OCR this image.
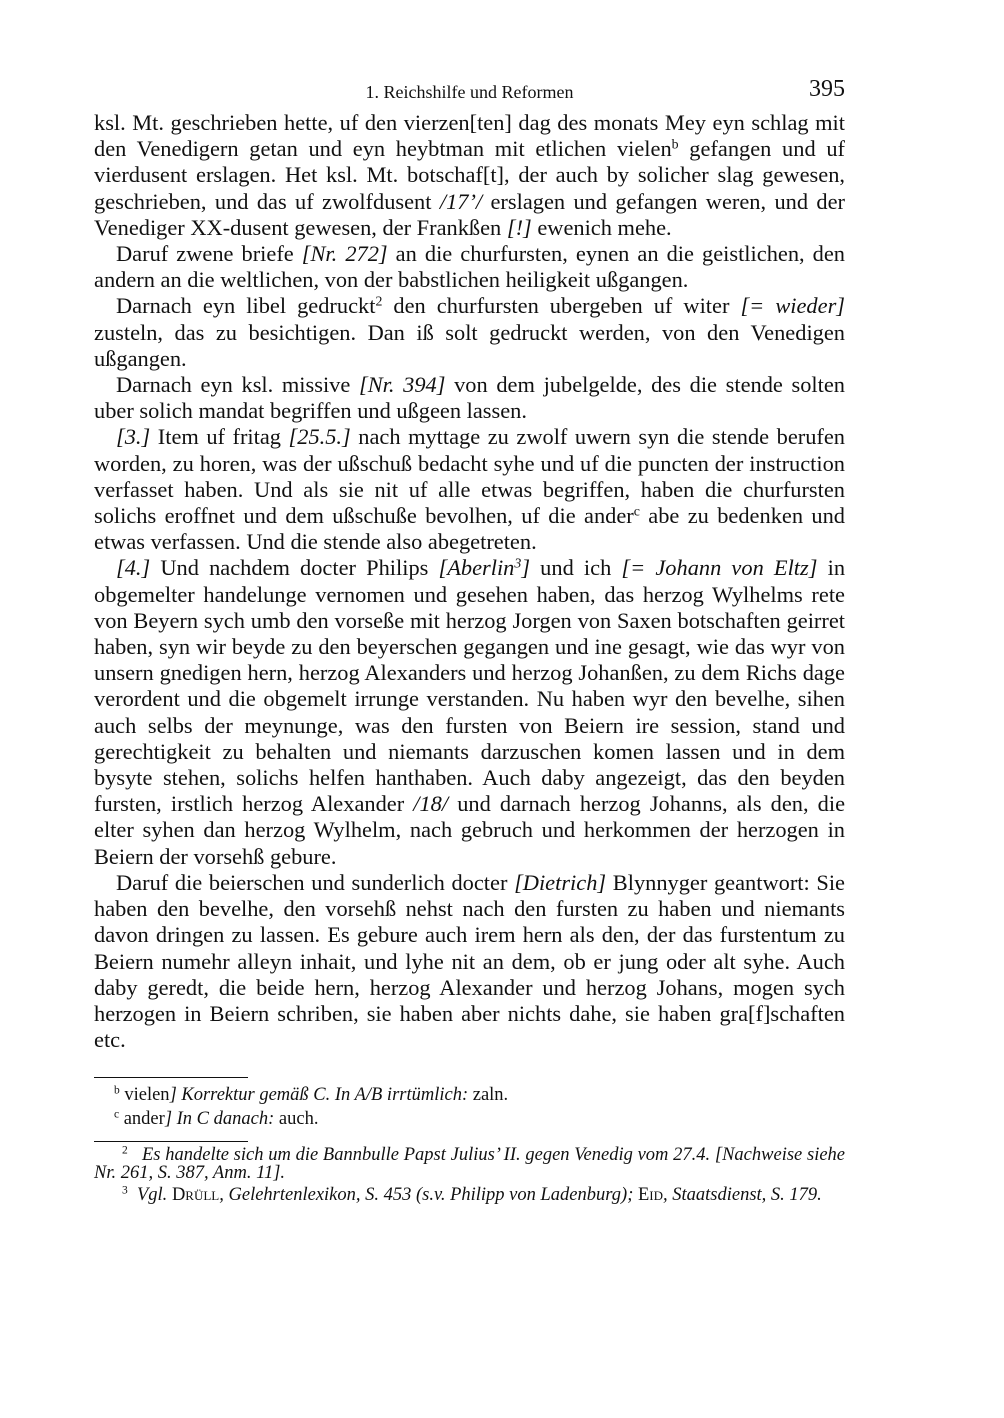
1. Reichshilfe und Reformen	395

ksl. Mt. geschrieben hette, uf den vierzen[ten] dag des monats Mey eyn schlag mit den Venedigern getan und eyn heybtman mit etlichen vielen$^b$ gefangen und uf vierdusent erslagen. Het ksl. Mt. botschaf[t], der auch by solicher slag gewesen, geschrieben, und das uf zwolfdusent /17’/ erslagen und gefangen weren, und der Venediger XX-dusent gewesen, der Frankßen [!] ewenich mehe.

Daruf zwene briefe [Nr. 272] an die churfursten, eynen an die geistlichen, den andern an die weltlichen, von der babstlichen heiligkeit ußgangen.

Darnach eyn libel gedruckt$^2$ den churfursten ubergeben uf witer [= wieder] zusteln, das zu besichtigen. Dan iß solt gedruckt werden, von den Venedigen ußgangen.

Darnach eyn ksl. missive [Nr. 394] von dem jubelgelde, des die stende solten uber solich mandat begriffen und ußgeen lassen.

[3.] Item uf fritag [25.5.] nach myttage zu zwolf uwern syn die stende berufen worden, zu horen, was der ußschuß bedacht syhe und uf die puncten der instruction verfasset haben. Und als sie nit uf alle etwas begriffen, haben die churfursten solichs eroffnet und dem ußschuße bevolhen, uf die ander$^c$ abe zu bedenken und etwas verfassen. Und die stende also abegetreten.

[4.] Und nachdem docter Philips [Aberlin$^3$] und ich [= Johann von Eltz] in obgemelter handelunge vernomen und gesehen haben, das herzog Wylhelms rete von Beyern sych umb den vorseße mit herzog Jorgen von Saxen botschaften geirret haben, syn wir beyde zu den beyerschen gegangen und ine gesagt, wie das wyr von unsern gnedigen hern, herzog Alexanders und herzog Johanßen, zu dem Richs dage verordent und die obgemelt irrunge verstanden. Nu haben wyr den bevelhe, sihen auch selbs der meynunge, was den fursten von Beiern ire session, stand und gerechtigkeit zu behalten und niemants darzuschen komen lassen und in dem bysyte stehen, solichs helfen hanthaben. Auch daby angezeigt, das den beyden fursten, irstlich herzog Alexander /18/ und darnach herzog Johanns, als den, die elter syhen dan herzog Wylhelm, nach gebruch und herkommen der herzogen in Beiern der vorsehß gebure.

Daruf die beierschen und sunderlich docter [Dietrich] Blynnyger geantwort: Sie haben den bevelhe, den vorsehß nehst nach den fursten zu haben und niemants davon dringen zu lassen. Es gebure auch irem hern als den, der das furstentum zu Beiern numehr alleyn inhait, und lyhe nit an dem, ob er jung oder alt syhe. Auch daby geredt, die beide hern, herzog Alexander und herzog Johans, mogen sych herzogen in Beiern schriben, sie haben aber nichts dahe, sie haben gra[f]schaften etc.

$^b$ vielen] Korrektur gemäß C. In A/B irrtümlich: zaln.

$^c$ ander] In C danach: auch.

$^2$ Es handelte sich um die Bannbulle Papst Julius’ II. gegen Venedig vom 27.4. [Nachweise siehe Nr. 261, S. 387, Anm. 11].

$^3$ Vgl. Drüll, Gelehrtenlexikon, S. 453 (s.v. Philipp von Ladenburg); Eid, Staatsdienst, S. 179.
